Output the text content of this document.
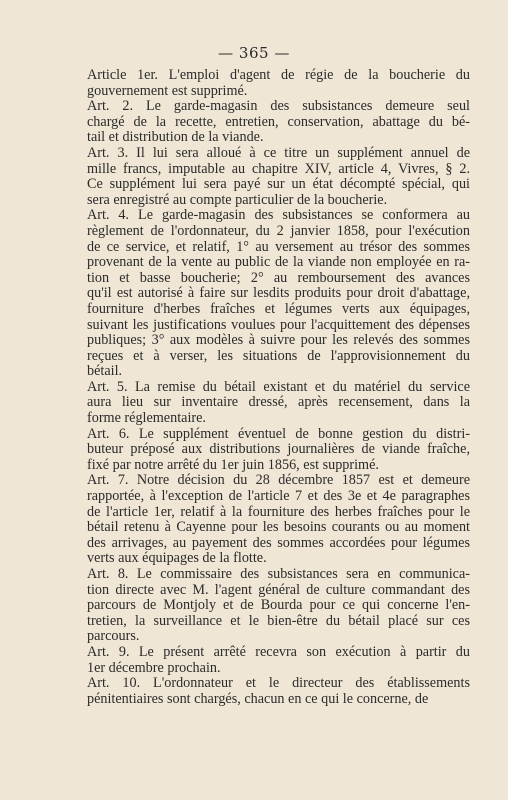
— 365 —
Article 1er. L'emploi d'agent de régie de la boucherie du
gouvernement est supprimé.
Art. 2. Le garde-magasin des subsistances demeure seul
chargé de la recette, entretien, conservation, abattage du bé-
tail et distribution de la viande.
Art. 3. Il lui sera alloué à ce titre un supplément annuel de
mille francs, imputable au chapitre XIV, article 4, Vivres, § 2.
Ce supplément lui sera payé sur un état décompté spécial, qui
sera enregistré au compte particulier de la boucherie.
Art. 4. Le garde-magasin des subsistances se conformera au
règlement de l'ordonnateur, du 2 janvier 1858, pour l'exécution
de ce service, et relatif, 1° au versement au trésor des sommes
provenant de la vente au public de la viande non employée en ra-
tion et basse boucherie; 2° au remboursement des avances
qu'il est autorisé à faire sur lesdits produits pour droit d'abattage,
fourniture d'herbes fraîches et légumes verts aux équipages,
suivant les justifications voulues pour l'acquittement des dépenses
publiques; 3° aux modèles à suivre pour les relevés des sommes
reçues et à verser, les situations de l'approvisionnement du
bétail.
Art. 5. La remise du bétail existant et du matériel du service
aura lieu sur inventaire dressé, après recensement, dans la
forme réglementaire.
Art. 6. Le supplément éventuel de bonne gestion du distri-
buteur préposé aux distributions journalières de viande fraîche,
fixé par notre arrêté du 1er juin 1856, est supprimé.
Art. 7. Notre décision du 28 décembre 1857 est et demeure
rapportée, à l'exception de l'article 7 et des 3e et 4e paragraphes
de l'article 1er, relatif à la fourniture des herbes fraîches pour le
bétail retenu à Cayenne pour les besoins courants ou au moment
des arrivages, au payement des sommes accordées pour légumes
verts aux équipages de la flotte.
Art. 8. Le commissaire des subsistances sera en communica-
tion directe avec M. l'agent général de culture commandant des
parcours de Montjoly et de Bourda pour ce qui concerne l'en-
tretien, la surveillance et le bien-être du bétail placé sur ces
parcours.
Art. 9. Le présent arrêté recevra son exécution à partir du
1er décembre prochain.
Art. 10. L'ordonnateur et le directeur des établissements
pénitentiaires sont chargés, chacun en ce qui le concerne, de
